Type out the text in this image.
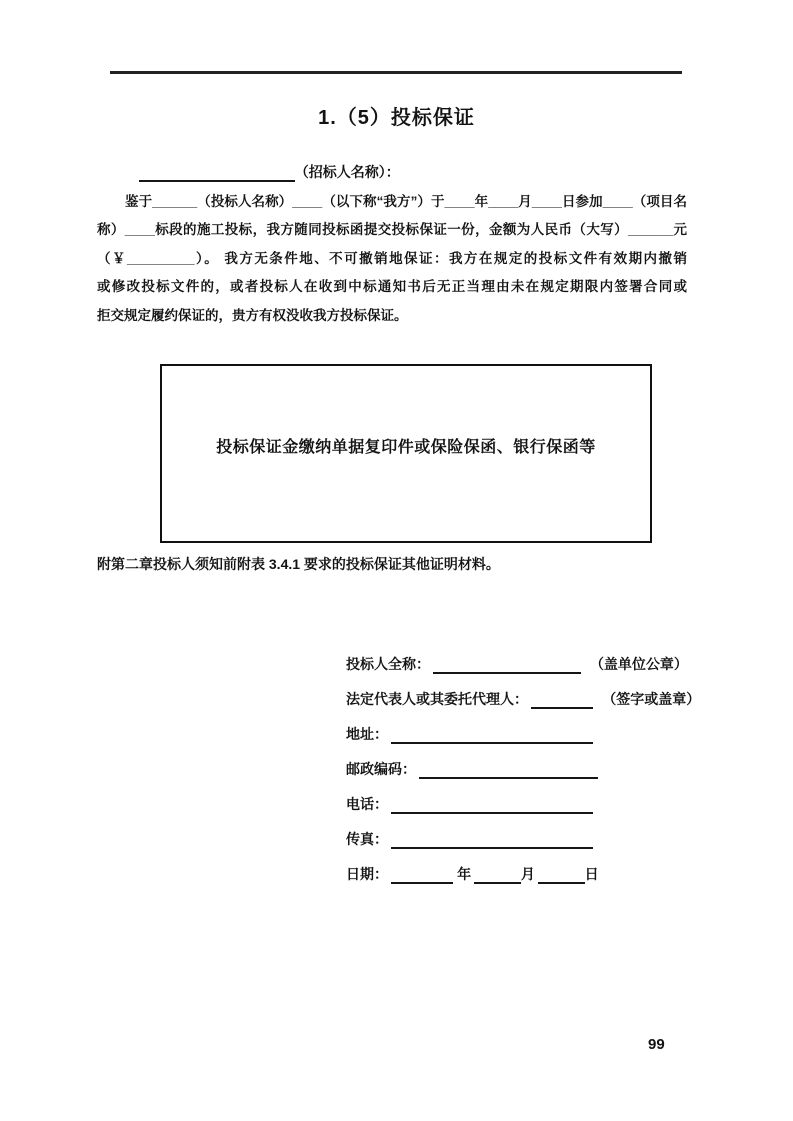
1.（5）投标保证
（招标人名称）：
鉴于______（投标人名称）____（以下称“我方”）于____年____月____日参加____（项目名
称）____标段的施工投标，我方随同投标函提交投标保证一份，金额为人民币（大写）______元
（￥_________）。 我方无条件地、不可撤销地保证：我方在规定的投标文件有效期内撤销
或修改投标文件的，或者投标人在收到中标通知书后无正当理由未在规定期限内签署合同或
拒交规定履约保证的，贵方有权没收我方投标保证。
投标保证金缴纳单据复印件或保险保函、银行保函等
附第二章投标人须知前附表 3.4.1 要求的投标保证其他证明材料。
投标人全称：	（盖单位公章）
法定代表人或其委托代理人：	（签字或盖章）
地址：
邮政编码：
电话：
传真：
日期：	年	月	日
99
